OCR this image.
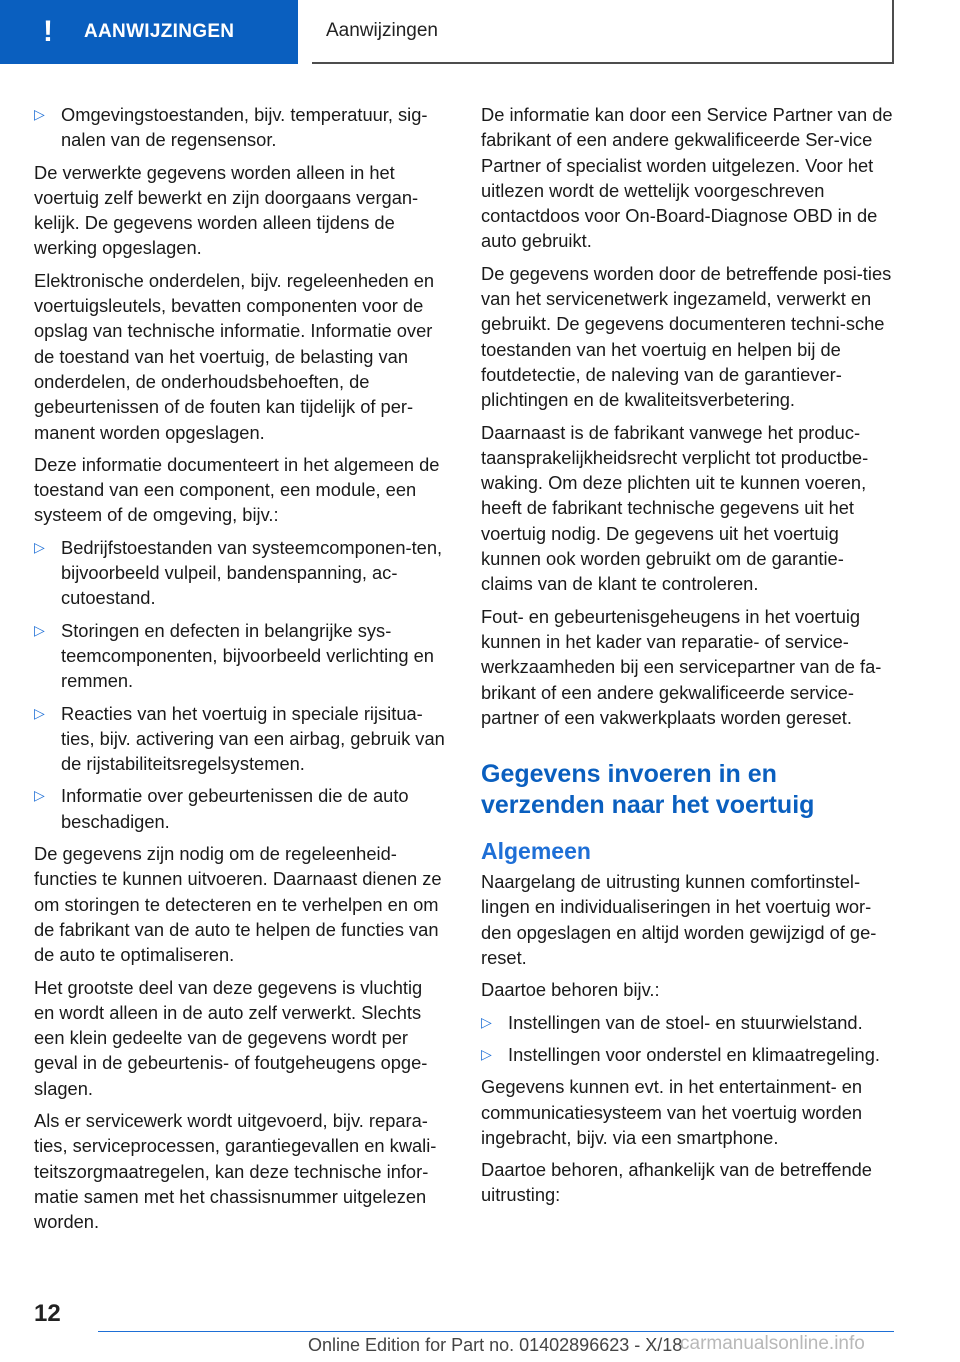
!	AANWIJZINGEN	Aanwijzingen
▷ Omgevingstoestanden, bijv. temperatuur, sig-nalen van de regensensor.

De verwerkte gegevens worden alleen in het voertuig zelf bewerkt en zijn doorgaans vergan-kelijk. De gegevens worden alleen tijdens de werking opgeslagen.

Elektronische onderdelen, bijv. regeleenheden en voertuigsleutels, bevatten componenten voor de opslag van technische informatie. Informatie over de toestand van het voertuig, de belasting van onderdelen, de onderhoudsbehoeften, de gebeurtenissen of de fouten kan tijdelijk of per-manent worden opgeslagen.

Deze informatie documenteert in het algemeen de toestand van een component, een module, een systeem of de omgeving, bijv.:

▷ Bedrijfstoestanden van systeemcomponen-ten, bijvoorbeeld vulpeil, bandenspanning, ac-cutoestand.
▷ Storingen en defecten in belangrijke sys-teemcomponenten, bijvoorbeeld verlichting en remmen.
▷ Reacties van het voertuig in speciale rijsitua-ties, bijv. activering van een airbag, gebruik van de rijstabiliteitsregelsystemen.
▷ Informatie over gebeurtenissen die de auto beschadigen.

De gegevens zijn nodig om de regeleenheid-functies te kunnen uitvoeren. Daarnaast dienen ze om storingen te detecteren en te verhelpen en om de fabrikant van de auto te helpen de functies van de auto te optimaliseren.

Het grootste deel van deze gegevens is vluchtig en wordt alleen in de auto zelf verwerkt. Slechts een klein gedeelte van de gegevens wordt per geval in de gebeurtenis- of foutgeheugens opge-slagen.

Als er servicewerk wordt uitgevoerd, bijv. repara-ties, serviceprocessen, garantiegevallen en kwali-teitszorgmaatregelen, kan deze technische infor-matie samen met het chassisnummer uitgelezen worden.

De informatie kan door een Service Partner van de fabrikant of een andere gekwalificeerde Ser-vice Partner of specialist worden uitgelezen. Voor het uitlezen wordt de wettelijk voorgeschreven contactdoos voor On-Board-Diagnose OBD in de auto gebruikt.

De gegevens worden door de betreffende posi-ties van het servicenetwerk ingezameld, verwerkt en gebruikt. De gegevens documenteren techni-sche toestanden van het voertuig en helpen bij de foutdetectie, de naleving van de garantiever-plichtingen en de kwaliteitsverbetering.

Daarnaast is de fabrikant vanwege het produc-taansprakelijkheidsrecht verplicht tot productbe-waking. Om deze plichten uit te kunnen voeren, heeft de fabrikant technische gegevens uit het voertuig nodig. De gegevens uit het voertuig kunnen ook worden gebruikt om de garantie-claims van de klant te controleren.

Fout- en gebeurtenisgeheugens in het voertuig kunnen in het kader van reparatie- of service-werkzaamheden bij een servicepartner van de fa-brikant of een andere gekwalificeerde service-partner of een vakwerkplaats worden gereset.

Gegevens invoeren in en verzenden naar het voertuig
Algemeen

Naargelang de uitrusting kunnen comfortinstel-lingen en individualiseringen in het voertuig wor-den opgeslagen en altijd worden gewijzigd of ge-reset.

Daartoe behoren bijv.:

▷ Instellingen van de stoel- en stuurwielstand.
▷ Instellingen voor onderstel en klimaatregeling.

Gegevens kunnen evt. in het entertainment- en communicatiesysteem van het voertuig worden ingebracht, bijv. via een smartphone.

Daartoe behoren, afhankelijk van de betreffende uitrusting:

12
Online Edition for Part no. 01402896623 - X/18
carmanualsonline.info
